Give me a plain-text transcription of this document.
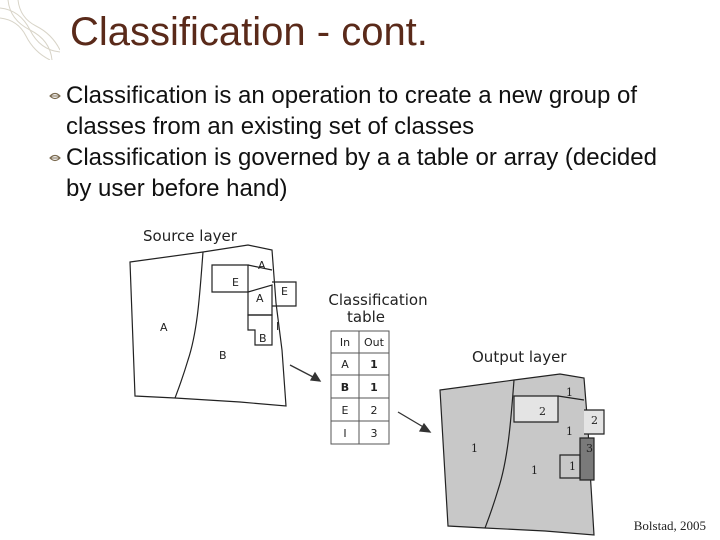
Classification - cont.
Classification is an operation to create a new group of classes from an existing set of classes
Classification is governed by a a table or array (decided by user before hand)
Source layer
A
E
A
E
I
B
A
B
Classification
table
In Out
A 1
B 1
E 2
I 3
Output layer
1
2
2
1
3
1
1
1
Bolstad, 2005
